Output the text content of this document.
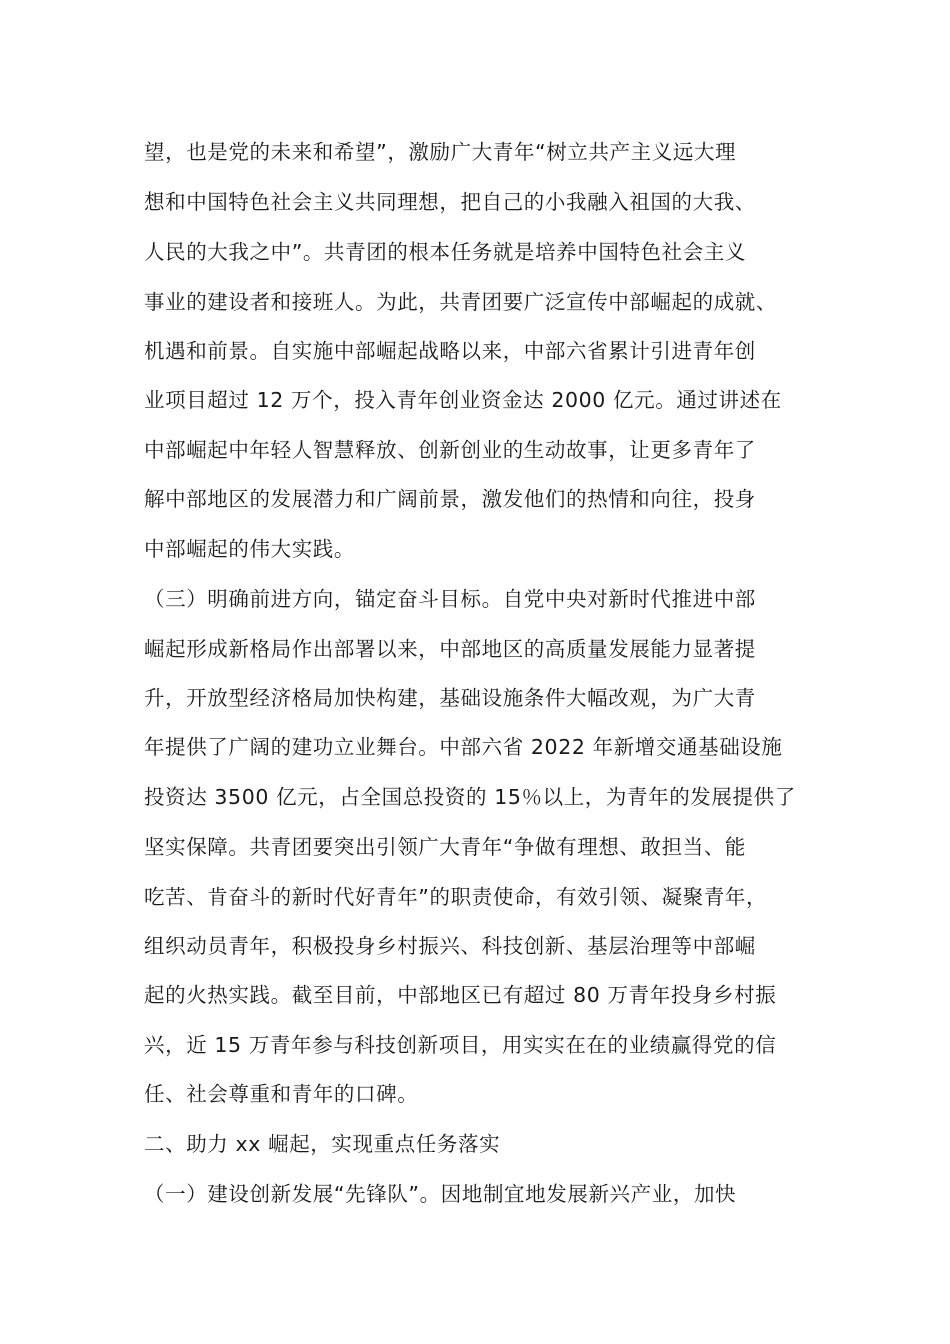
望，也是党的未来和希望”，激励广大青年“树立共产主义远大理

想和中国特色社会主义共同理想，把自己的小我融入祖国的大我、

人民的大我之中”。共青团的根本任务就是培养中国特色社会主义

事业的建设者和接班人。为此，共青团要广泛宣传中部崛起的成就、

机遇和前景。自实施中部崛起战略以来，中部六省累计引进青年创

业项目超过 12 万个，投入青年创业资金达 2000 亿元。通过讲述在

中部崛起中年轻人智慧释放、创新创业的生动故事，让更多青年了

解中部地区的发展潜力和广阔前景，激发他们的热情和向往，投身

中部崛起的伟大实践。

（三）明确前进方向，锚定奋斗目标。自党中央对新时代推进中部

崛起形成新格局作出部署以来，中部地区的高质量发展能力显著提

升，开放型经济格局加快构建，基础设施条件大幅改观，为广大青

年提供了广阔的建功立业舞台。中部六省 2022 年新增交通基础设施

投资达 3500 亿元，占全国总投资的 15％以上，为青年的发展提供了

坚实保障。共青团要突出引领广大青年“争做有理想、敢担当、能

吃苦、肯奋斗的新时代好青年”的职责使命，有效引领、凝聚青年，

组织动员青年，积极投身乡村振兴、科技创新、基层治理等中部崛

起的火热实践。截至目前，中部地区已有超过 80 万青年投身乡村振

兴，近 15 万青年参与科技创新项目，用实实在在的业绩赢得党的信

任、社会尊重和青年的口碑。

二、助力 xx 崛起，实现重点任务落实

（一）建设创新发展“先锋队”。因地制宜地发展新兴产业，加快
